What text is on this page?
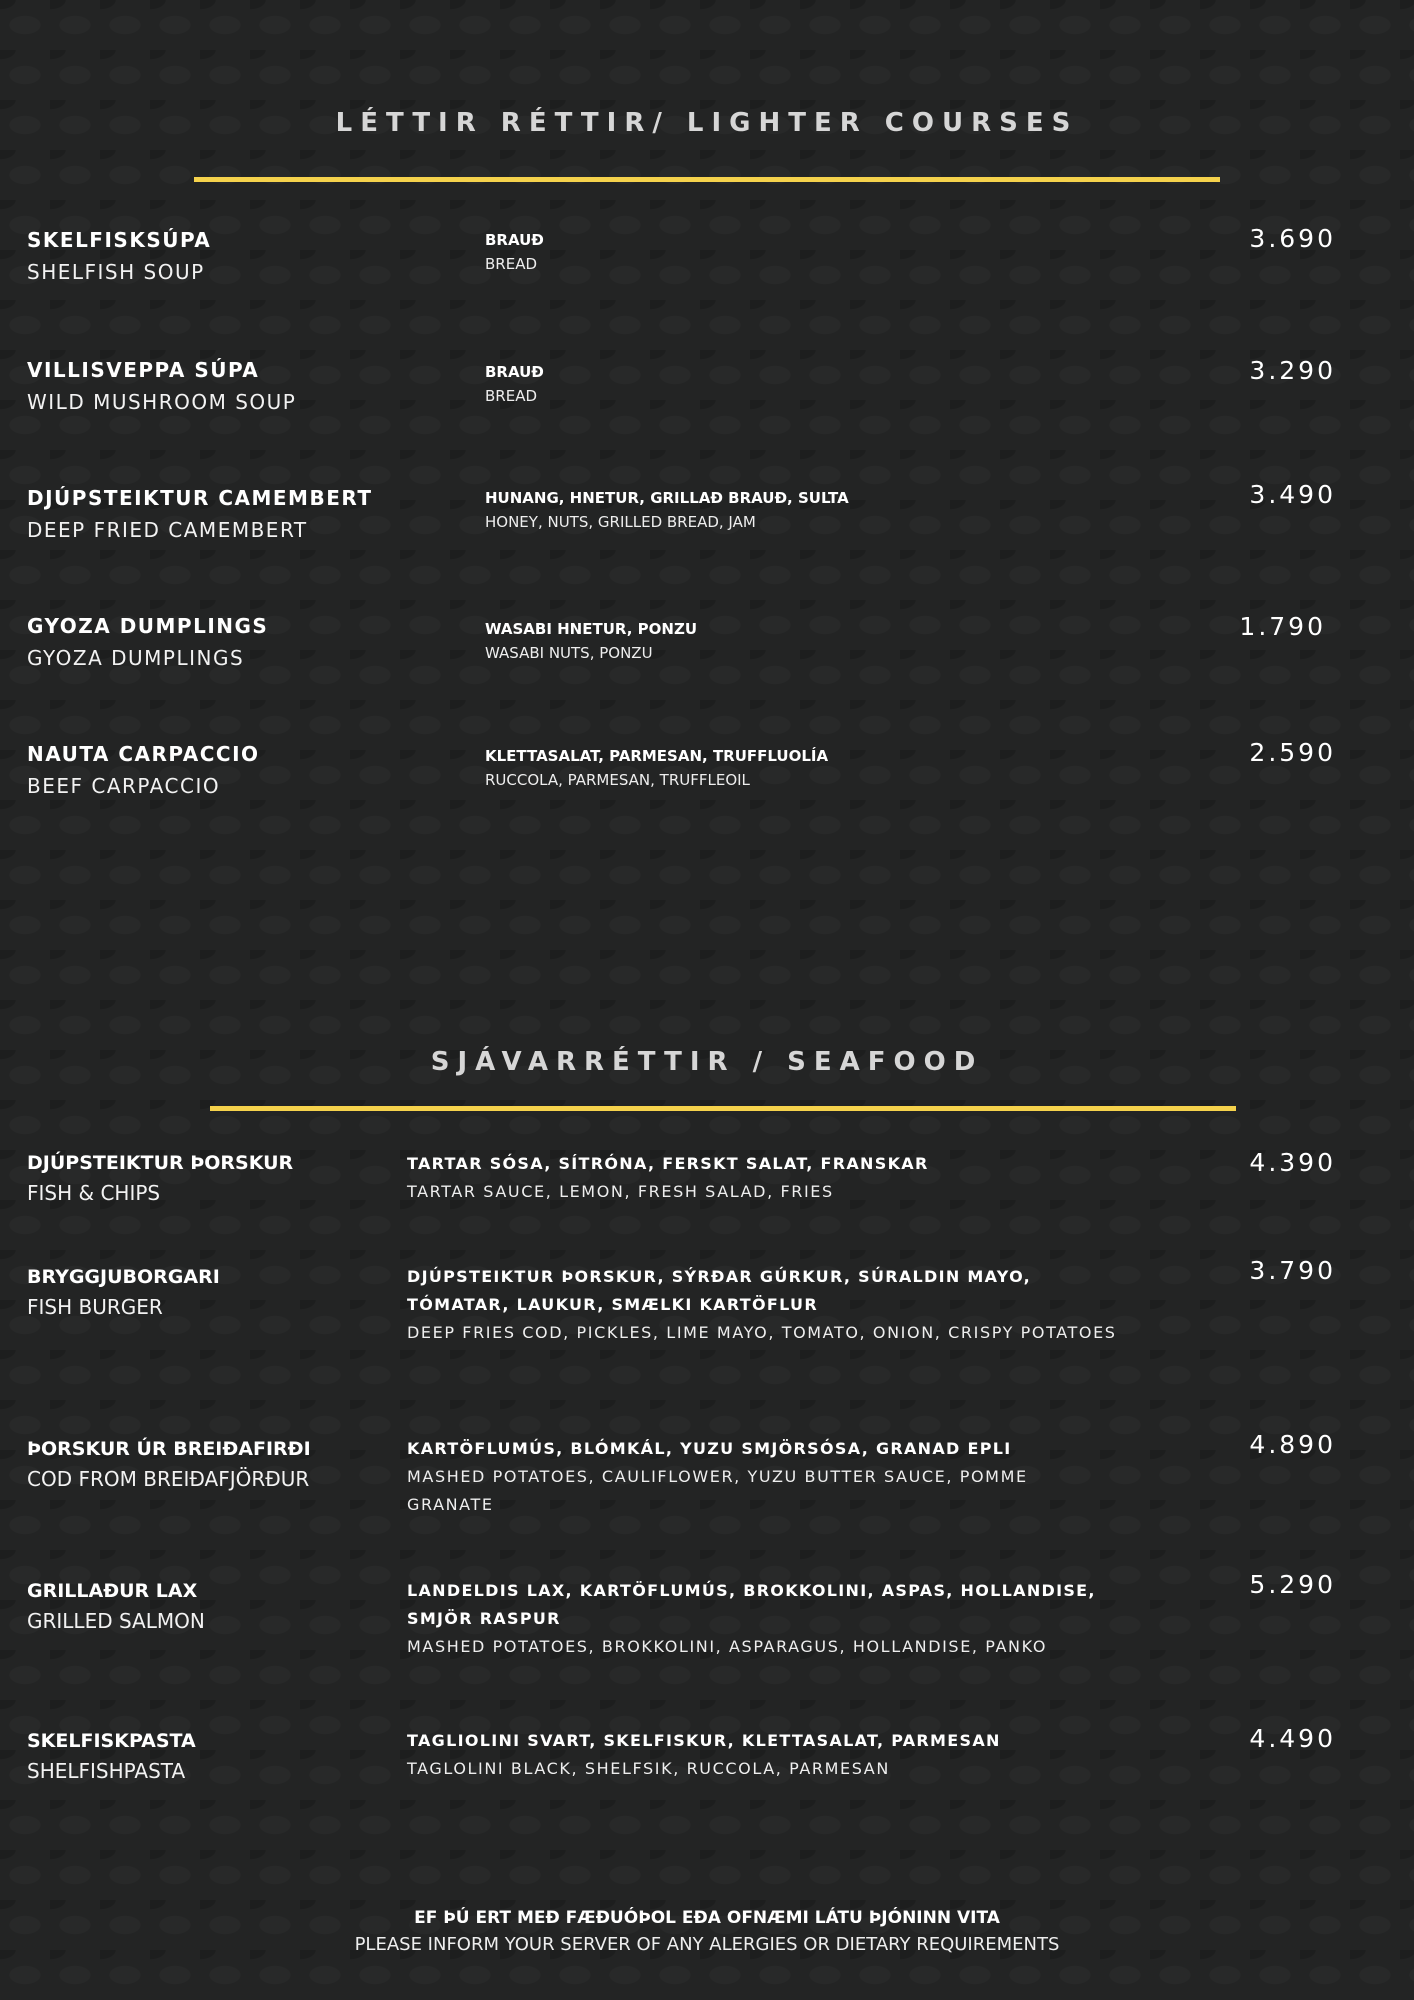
LÉTTIR RÉTTIR/ LIGHTER COURSES
SKELFISKSÚPA
SHELFISH SOUP
BRAUÐ
BREAD
3.690
VILLISVEPPA SÚPA
WILD MUSHROOM SOUP
BRAUÐ
BREAD
3.290
DJÚPSTEIKTUR CAMEMBERT
DEEP FRIED CAMEMBERT
HUNANG, HNETUR, GRILLAÐ BRAUÐ, SULTA
HONEY, NUTS, GRILLED BREAD, JAM
3.490
GYOZA DUMPLINGS
GYOZA DUMPLINGS
WASABI HNETUR, PONZU
WASABI NUTS, PONZU
1.790
NAUTA CARPACCIO
BEEF CARPACCIO
KLETTASALAT, PARMESAN, TRUFFLUOLÍA
RUCCOLA, PARMESAN, TRUFFLEOIL
2.590
SJÁVARRÉTTIR / SEAFOOD
DJÚPSTEIKTUR ÞORSKUR
FISH & CHIPS
TARTAR SÓSA, SÍTRÓNA, FERSKT SALAT, FRANSKAR
TARTAR SAUCE, LEMON, FRESH SALAD, FRIES
4.390
BRYGGJUBORGARI
FISH BURGER
DJÚPSTEIKTUR ÞORSKUR, SÝRÐAR GÚRKUR, SÚRALDIN MAYO, TÓMATAR, LAUKUR, SMÆLKI KARTÖFLUR
DEEP FRIES COD, PICKLES, LIME MAYO, TOMATO, ONION, CRISPY POTATOES
3.790
ÞORSKUR ÚR BREIÐAFIRÐI
COD FROM BREIÐAFJÖRÐUR
KARTÖFLUMÚS, BLÓMKÁL, YUZU SMJÖRSÓSA, GRANAD EPLI
MASHED POTATOES, CAULIFLOWER, YUZU BUTTER SAUCE, POMME GRANATE
4.890
GRILLAÐUR LAX
GRILLED SALMON
LANDELDIS LAX, KARTÖFLUMÚS, BROKKOLINI, ASPAS, HOLLANDISE, SMJÖR RASPUR
MASHED POTATOES, BROKKOLINI, ASPARAGUS, HOLLANDISE, PANKO
5.290
SKELFISKPASTA
SHELFISHPASTA
TAGLIOLINI SVART, SKELFISKUR, KLETTASALAT, PARMESAN
TAGLOLINI BLACK, SHELFSIK, RUCCOLA, PARMESAN
4.490
EF ÞÚ ERT MEÐ FÆÐUÓÞOL EÐA OFNÆMI LÁTU ÞJÓNINN VITA
PLEASE INFORM YOUR SERVER OF ANY ALERGIES OR DIETARY REQUIREMENTS
